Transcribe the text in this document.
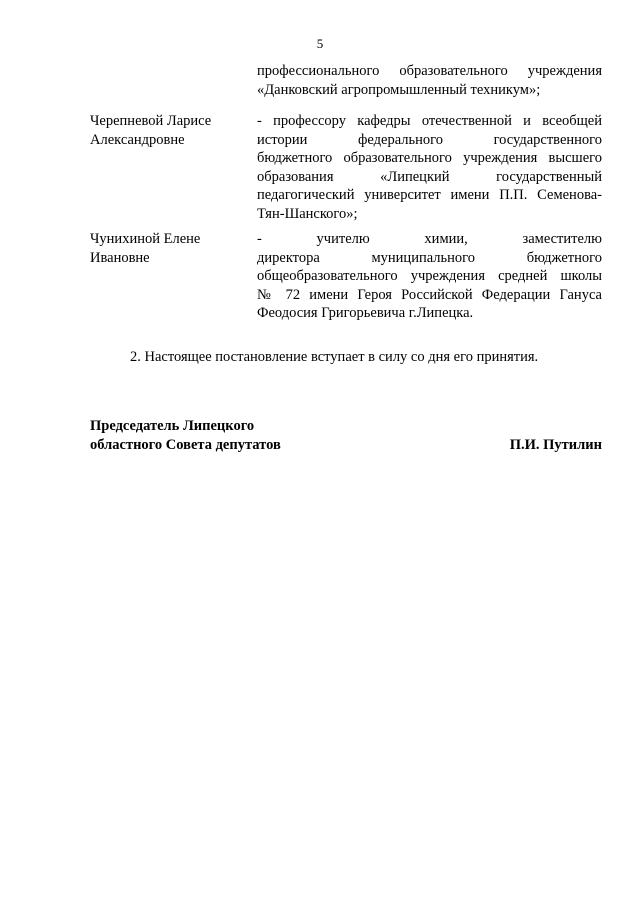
5
профессионального образовательного учреждения
«Данковский агропромышленный техникум»;
Черепневой Ларисе
Александровне
- профессору кафедры отечественной и всеобщей
истории федерального государственного
бюджетного образовательного учреждения высшего
образования «Липецкий государственный
педагогический университет имени П.П. Семенова-
Тян-Шанского»;
Чунихиной Елене
Ивановне
- учителю химии, заместителю
директора муниципального бюджетного
общеобразовательного учреждения средней школы
№ 72 имени Героя Российской Федерации Гануса
Феодосия Григорьевича г.Липецка.
2. Настоящее постановление вступает в силу со дня его принятия.
Председатель Липецкого
областного Совета депутатов	П.И. Путилин
